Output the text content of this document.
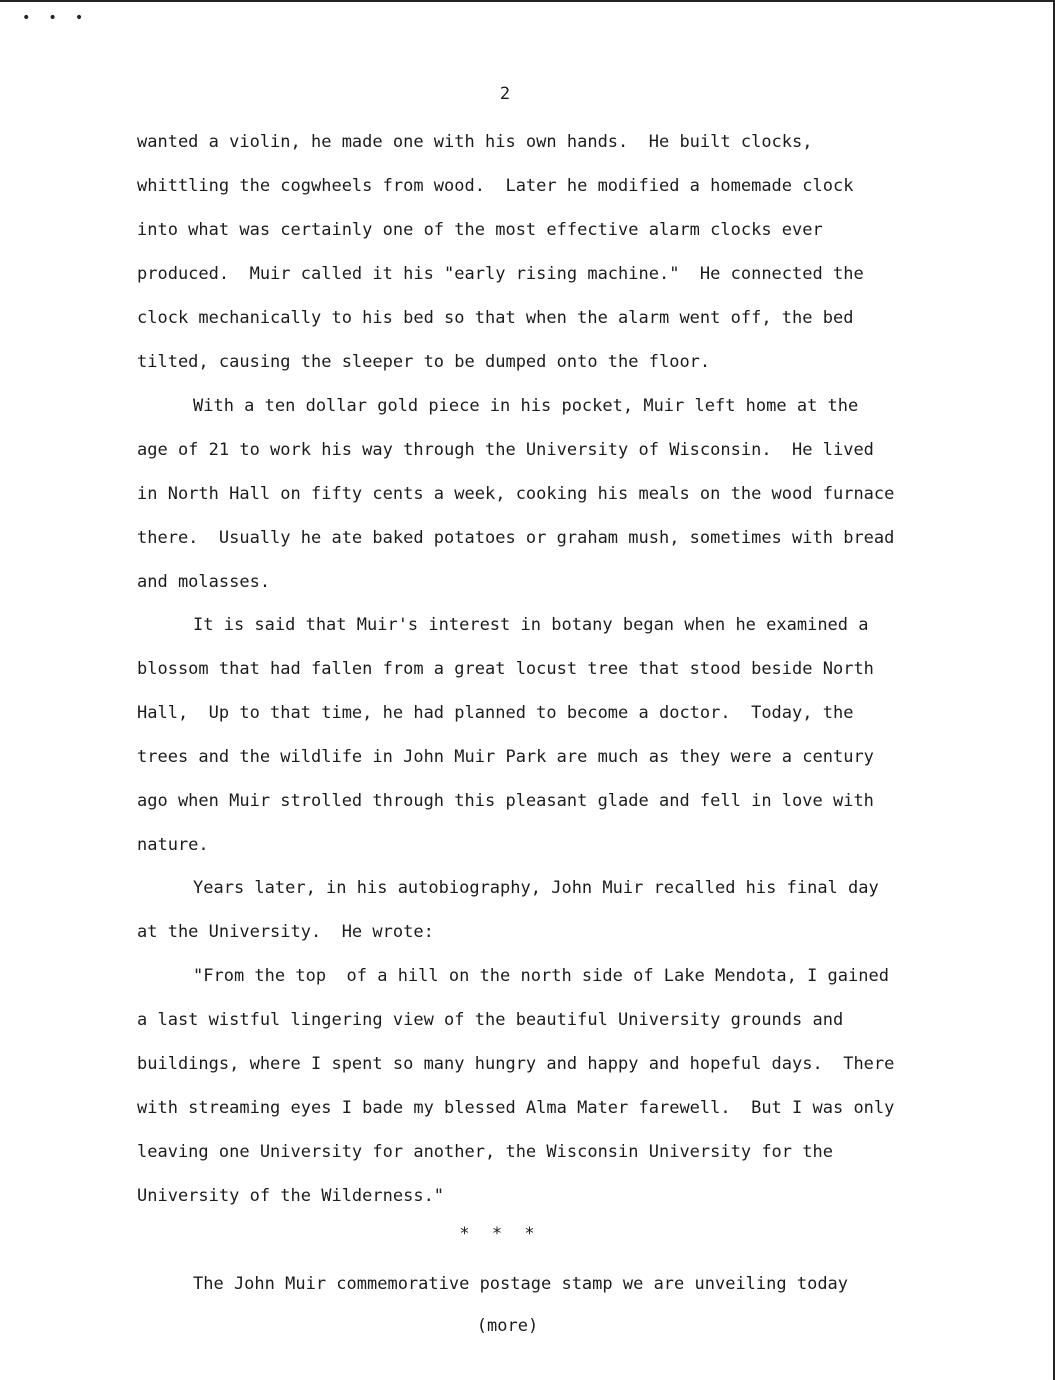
•••
2
wanted a violin, he made one with his own hands.  He built clocks,
whittling the cogwheels from wood.  Later he modified a homemade clock
into what was certainly one of the most effective alarm clocks ever
produced.  Muir called it his "early rising machine."  He connected the
clock mechanically to his bed so that when the alarm went off, the bed
tilted, causing the sleeper to be dumped onto the floor.
With a ten dollar gold piece in his pocket, Muir left home at the
age of 21 to work his way through the University of Wisconsin.  He lived
in North Hall on fifty cents a week, cooking his meals on the wood furnace
there.  Usually he ate baked potatoes or graham mush, sometimes with bread
and molasses.
It is said that Muir's interest in botany began when he examined a
blossom that had fallen from a great locust tree that stood beside North
Hall,  Up to that time, he had planned to become a doctor.  Today, the
trees and the wildlife in John Muir Park are much as they were a century
ago when Muir strolled through this pleasant glade and fell in love with
nature.
Years later, in his autobiography, John Muir recalled his final day
at the University.  He wrote:
"From the top  of a hill on the north side of Lake Mendota, I gained
a last wistful lingering view of the beautiful University grounds and
buildings, where I spent so many hungry and happy and hopeful days.  There
with streaming eyes I bade my blessed Alma Mater farewell.  But I was only
leaving one University for another, the Wisconsin University for the
University of the Wilderness."
* * *
The John Muir commemorative postage stamp we are unveiling today
(more)
